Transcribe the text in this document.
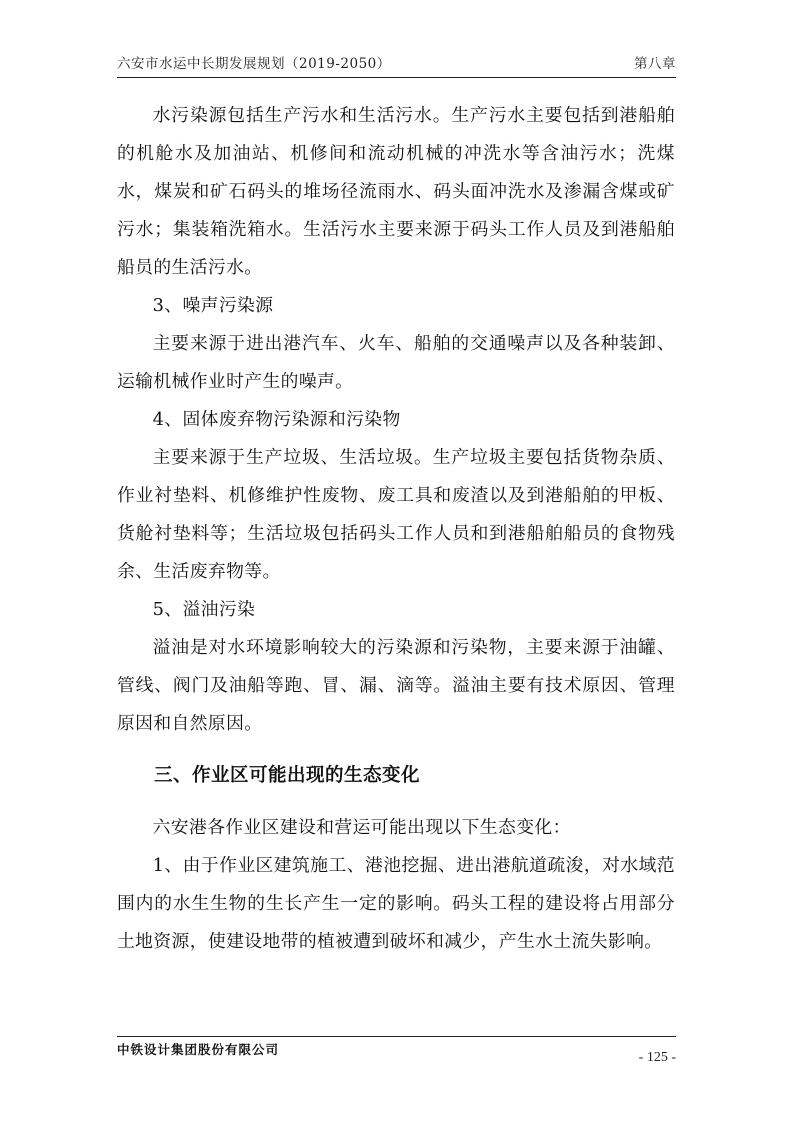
六安市水运中长期发展规划（2019-2050）	第八章

水污染源包括生产污水和生活污水。生产污水主要包括到港船舶的机舱水及加油站、机修间和流动机械的冲洗水等含油污水；洗煤水，煤炭和矿石码头的堆场径流雨水、码头面冲洗水及渗漏含煤或矿污水；集装箱洗箱水。生活污水主要来源于码头工作人员及到港船舶船员的生活污水。

3、噪声污染源

主要来源于进出港汽车、火车、船舶的交通噪声以及各种装卸、运输机械作业时产生的噪声。

4、固体废弃物污染源和污染物

主要来源于生产垃圾、生活垃圾。生产垃圾主要包括货物杂质、作业衬垫料、机修维护性废物、废工具和废渣以及到港船舶的甲板、货舱衬垫料等；生活垃圾包括码头工作人员和到港船舶船员的食物残余、生活废弃物等。

5、溢油污染

溢油是对水环境影响较大的污染源和污染物，主要来源于油罐、管线、阀门及油船等跑、冒、漏、滴等。溢油主要有技术原因、管理原因和自然原因。

三、作业区可能出现的生态变化

六安港各作业区建设和营运可能出现以下生态变化：

1、由于作业区建筑施工、港池挖掘、进出港航道疏浚，对水域范围内的水生生物的生长产生一定的影响。码头工程的建设将占用部分土地资源，使建设地带的植被遭到破坏和减少，产生水土流失影响。

中铁设计集团股份有限公司
- 125 -
